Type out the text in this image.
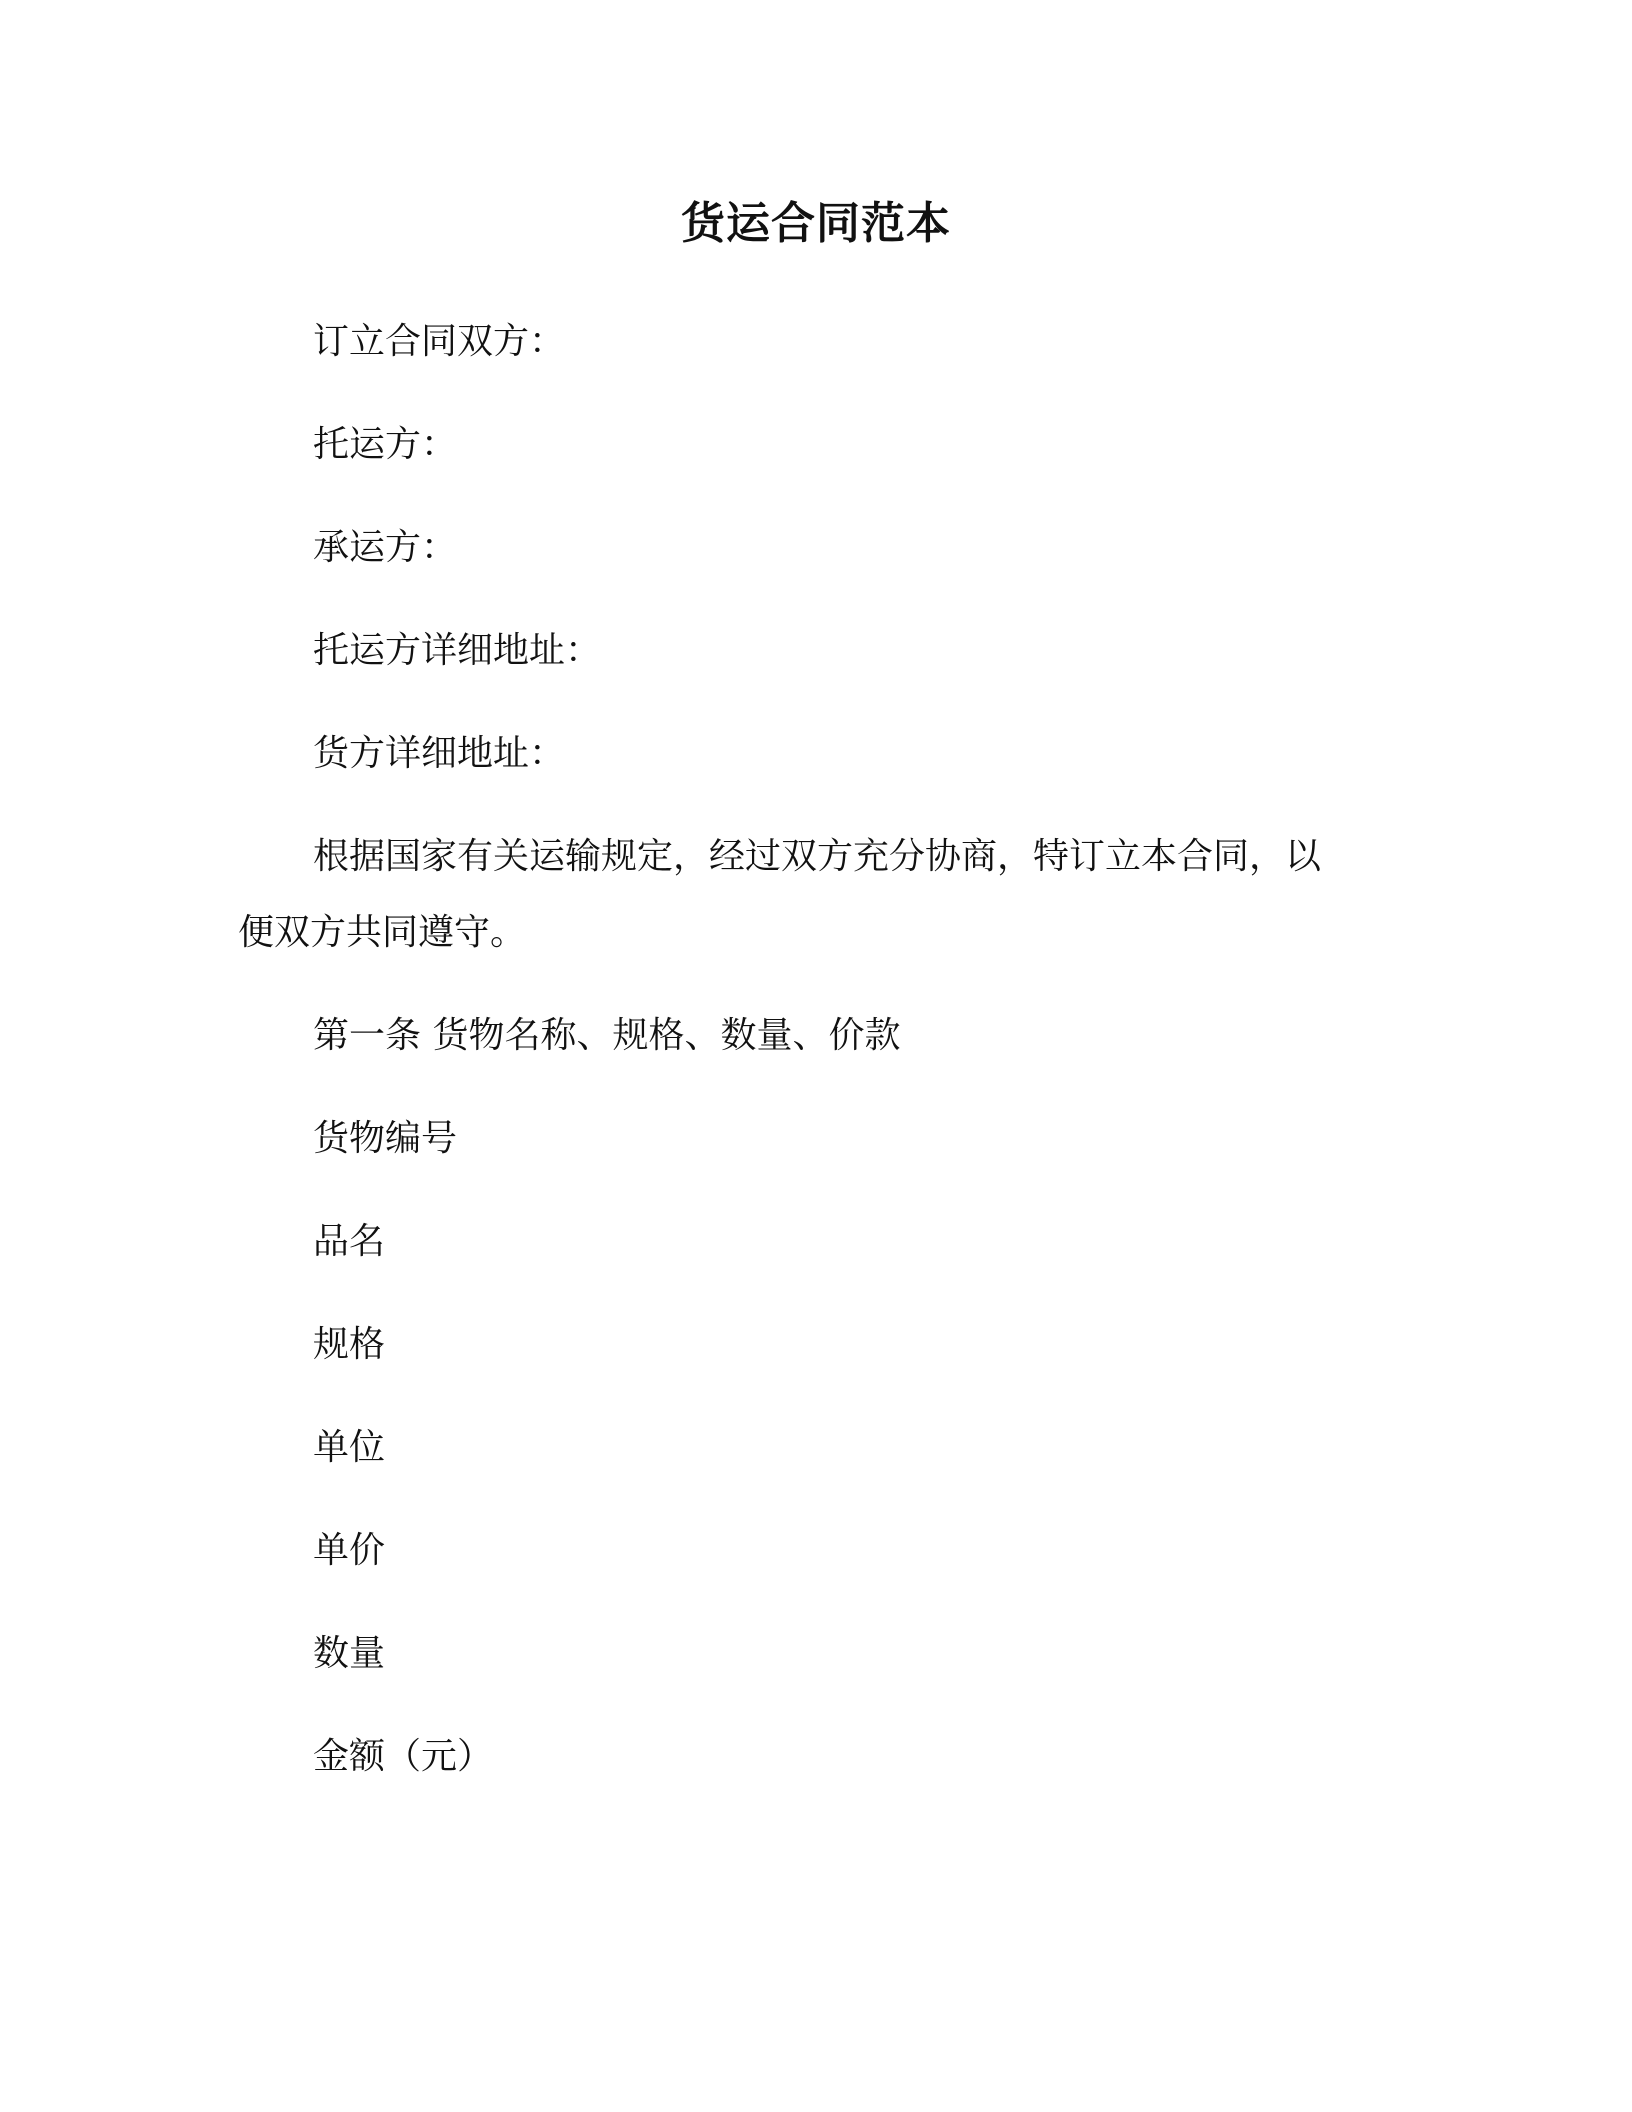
货运合同范本
订立合同双方：
托运方：
承运方：
托运方详细地址：
货方详细地址：
根据国家有关运输规定，经过双方充分协商，特订立本合同，以
便双方共同遵守。
第一条 货物名称、规格、数量、价款
货物编号
品名
规格
单位
单价
数量
金额（元）
